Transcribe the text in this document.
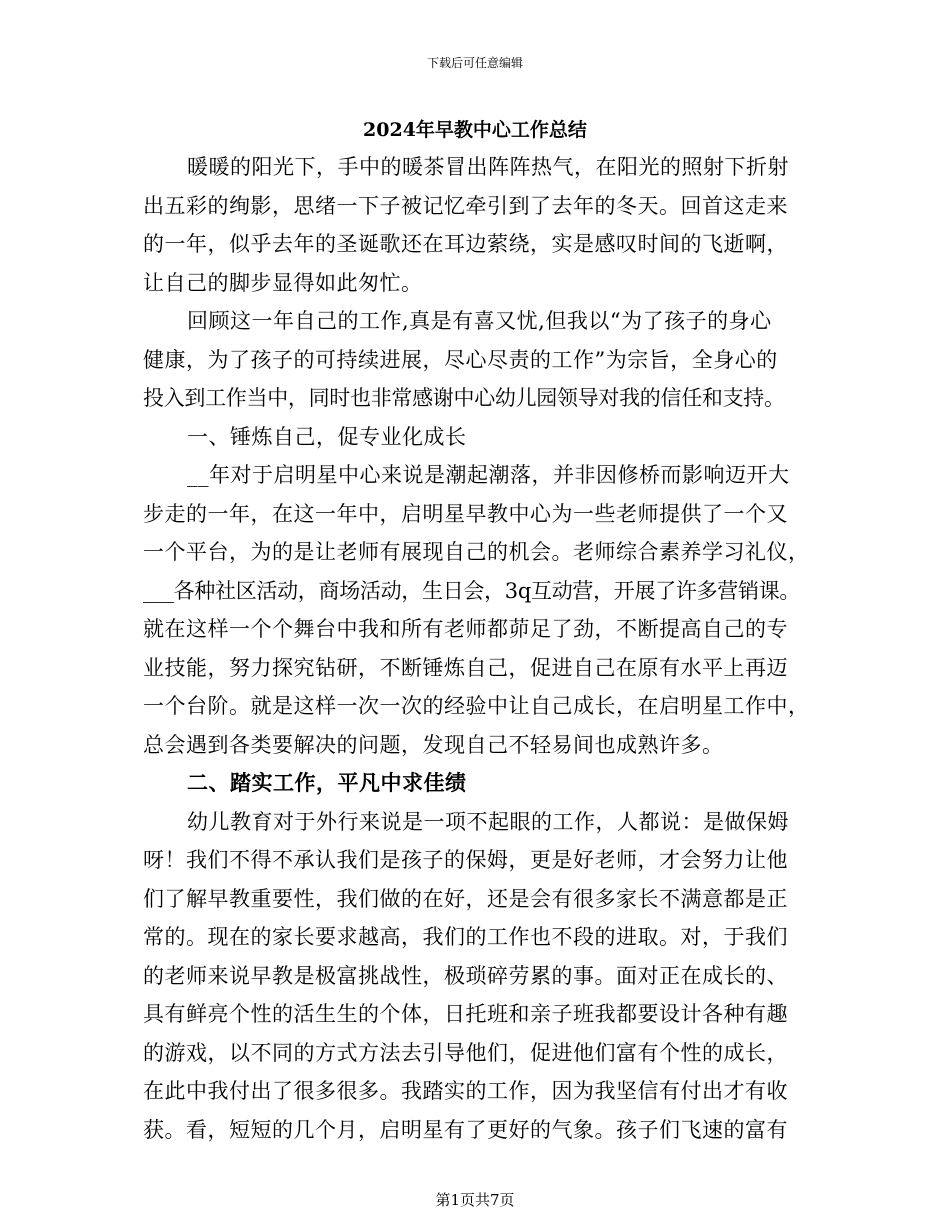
下载后可任意编辑
2024年早教中心工作总结
暖暖的阳光下，手中的暖茶冒出阵阵热气，在阳光的照射下折射
出五彩的绚影，思绪一下子被记忆牵引到了去年的冬天。回首这走来
的一年，似乎去年的圣诞歌还在耳边萦绕，实是感叹时间的飞逝啊，
让自己的脚步显得如此匆忙。
回顾这一年自己的工作,真是有喜又忧,但我以“为了孩子的身心
健康，为了孩子的可持续进展，尽心尽责的工作”为宗旨，全身心的
投入到工作当中，同时也非常感谢中心幼儿园领导对我的信任和支持。
一、锤炼自己，促专业化成长
__年对于启明星中心来说是潮起潮落，并非因修桥而影响迈开大
步走的一年，在这一年中，启明星早教中心为一些老师提供了一个又
一个平台，为的是让老师有展现自己的机会。老师综合素养学习礼仪，
___各种社区活动，商场活动，生日会，3q互动营，开展了许多营销课。
就在这样一个个舞台中我和所有老师都茆足了劲，不断提高自己的专
业技能，努力探究钻研，不断锤炼自己，促进自己在原有水平上再迈
一个台阶。就是这样一次一次的经验中让自己成长，在启明星工作中，
总会遇到各类要解决的问题，发现自己不轻易间也成熟许多。
二、踏实工作，平凡中求佳绩
幼儿教育对于外行来说是一项不起眼的工作，人都说：是做保姆
呀！我们不得不承认我们是孩子的保姆，更是好老师，才会努力让他
们了解早教重要性，我们做的在好，还是会有很多家长不满意都是正
常的。现在的家长要求越高，我们的工作也不段的进取。对，于我们
的老师来说早教是极富挑战性，极琐碎劳累的事。面对正在成长的、
具有鲜亮个性的活生生的个体，日托班和亲子班我都要设计各种有趣
的游戏，以不同的方式方法去引导他们，促进他们富有个性的成长，
在此中我付出了很多很多。我踏实的工作，因为我坚信有付出才有收
获。看，短短的几个月，启明星有了更好的气象。孩子们飞速的富有
第1页共7页
